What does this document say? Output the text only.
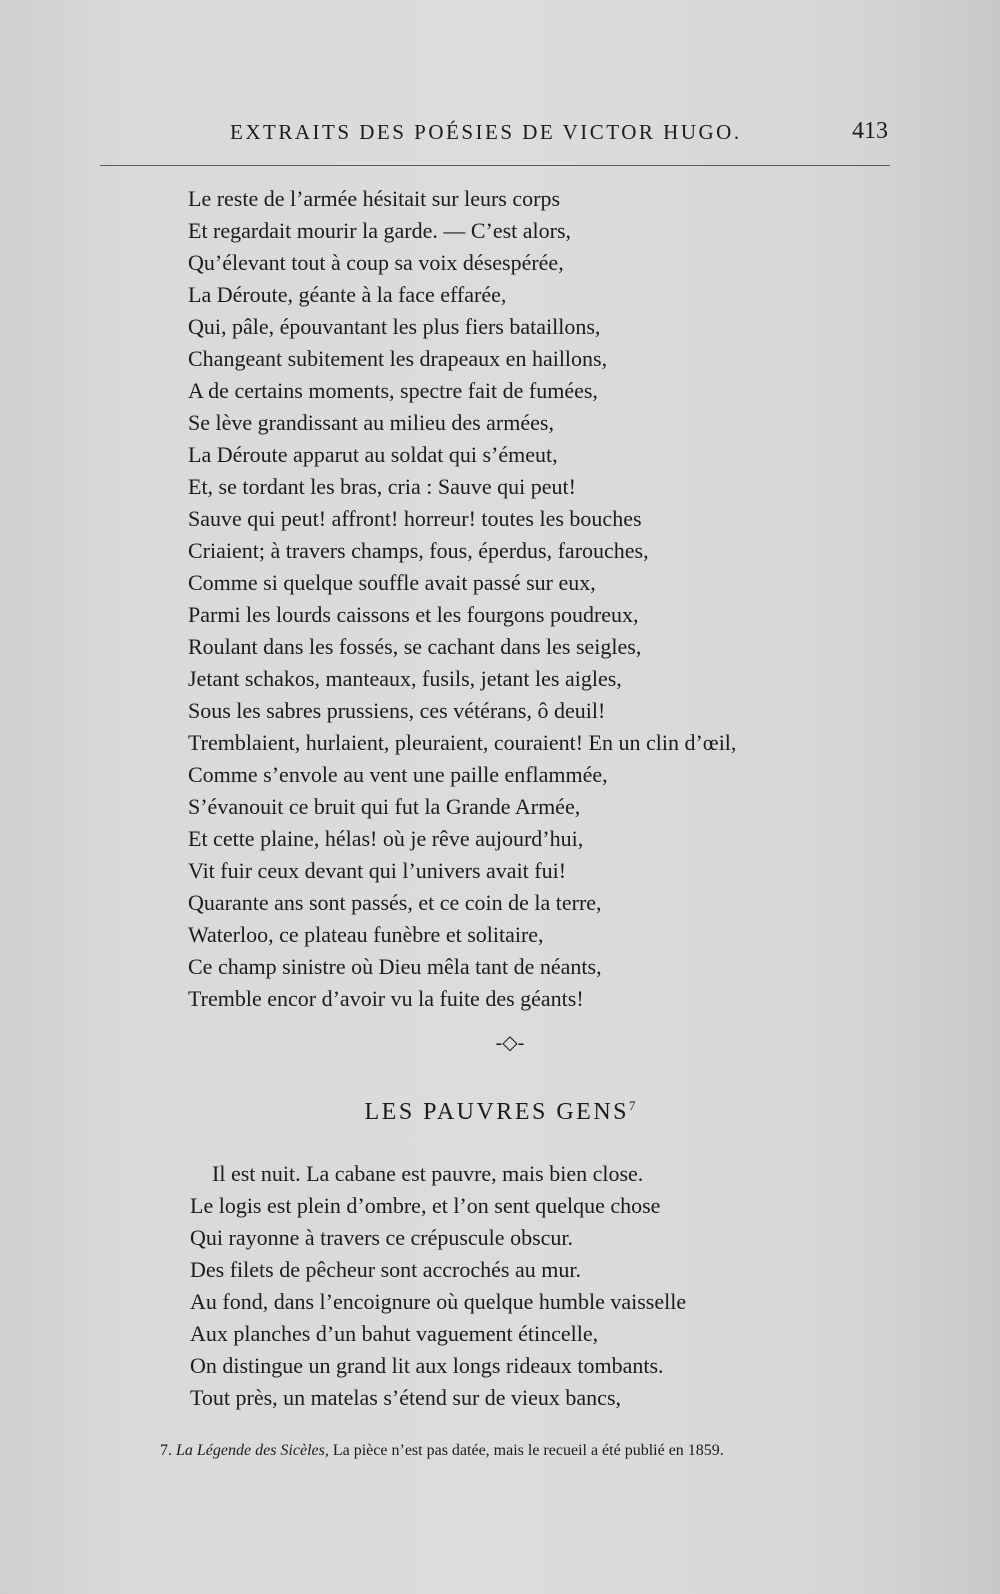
EXTRAITS DES POÉSIES DE VICTOR HUGO.	413
Le reste de l’armée hésitait sur leurs corps
Et regardait mourir la garde. — C’est alors,
Qu’élevant tout à coup sa voix désespérée,
La Déroute, géante à la face effarée,
Qui, pâle, épouvantant les plus fiers bataillons,
Changeant subitement les drapeaux en haillons,
A de certains moments, spectre fait de fumées,
Se lève grandissant au milieu des armées,
La Déroute apparut au soldat qui s’émeut,
Et, se tordant les bras, cria : Sauve qui peut!
Sauve qui peut! affront! horreur! toutes les bouches
Criaient; à travers champs, fous, éperdus, farouches,
Comme si quelque souffle avait passé sur eux,
Parmi les lourds caissons et les fourgons poudreux,
Roulant dans les fossés, se cachant dans les seigles,
Jetant schakos, manteaux, fusils, jetant les aigles,
Sous les sabres prussiens, ces vétérans, ô deuil!
Tremblaient, hurlaient, pleuraient, couraient! En un clin d’œil,
Comme s’envole au vent une paille enflammée,
S’évanouit ce bruit qui fut la Grande Armée,
Et cette plaine, hélas! où je rêve aujourd’hui,
Vit fuir ceux devant qui l’univers avait fui!
Quarante ans sont passés, et ce coin de la terre,
Waterloo, ce plateau funèbre et solitaire,
Ce champ sinistre où Dieu mêla tant de néants,
Tremble encor d’avoir vu la fuite des géants!
-◇-
LES PAUVRES GENS$^7$
Il est nuit. La cabane est pauvre, mais bien close.
Le logis est plein d’ombre, et l’on sent quelque chose
Qui rayonne à travers ce crépuscule obscur.
Des filets de pêcheur sont accrochés au mur.
Au fond, dans l’encoignure où quelque humble vaisselle
Aux planches d’un bahut vaguement étincelle,
On distingue un grand lit aux longs rideaux tombants.
Tout près, un matelas s’étend sur de vieux bancs,
7. La Légende des Sicèles, La pièce n’est pas datée, mais le recueil a été publié en 1859.
